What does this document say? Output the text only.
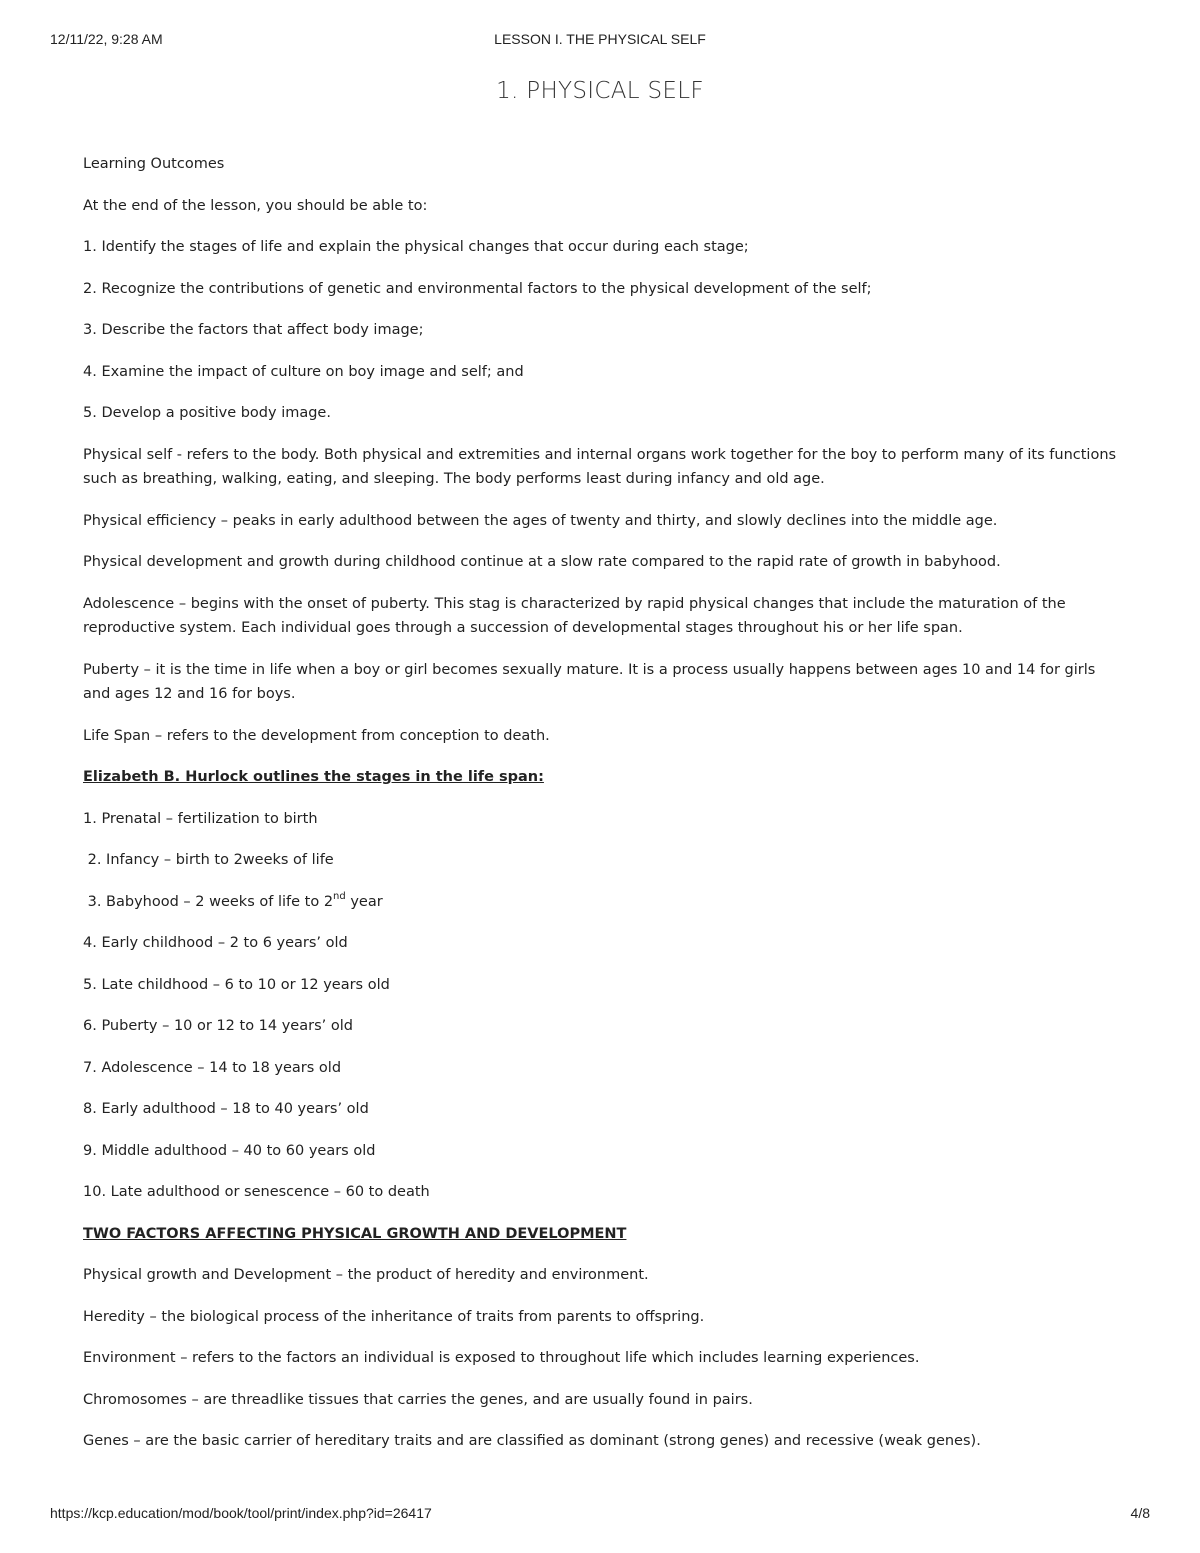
12/11/22, 9:28 AM	LESSON I. THE PHYSICAL SELF
1. PHYSICAL SELF

Learning Outcomes

At the end of the lesson, you should be able to:

1. Identify the stages of life and explain the physical changes that occur during each stage;

2. Recognize the contributions of genetic and environmental factors to the physical development of the self;

3. Describe the factors that affect body image;

4. Examine the impact of culture on boy image and self; and

5. Develop a positive body image.

Physical self - refers to the body. Both physical and extremities and internal organs work together for the boy to perform many of its functions such as breathing, walking, eating, and sleeping. The body performs least during infancy and old age.

Physical efficiency – peaks in early adulthood between the ages of twenty and thirty, and slowly declines into the middle age.

Physical development and growth during childhood continue at a slow rate compared to the rapid rate of growth in babyhood.

Adolescence – begins with the onset of puberty. This stag is characterized by rapid physical changes that include the maturation of the reproductive system. Each individual goes through a succession of developmental stages throughout his or her life span.

Puberty – it is the time in life when a boy or girl becomes sexually mature. It is a process usually happens between ages 10 and 14 for girls and ages 12 and 16 for boys.

Life Span – refers to the development from conception to death.

Elizabeth B. Hurlock outlines the stages in the life span:

1. Prenatal – fertilization to birth

2. Infancy – birth to 2weeks of life

3. Babyhood – 2 weeks of life to 2nd year

4. Early childhood – 2 to 6 years’ old

5. Late childhood – 6 to 10 or 12 years old

6. Puberty – 10 or 12 to 14 years’ old

7. Adolescence – 14 to 18 years old

8. Early adulthood – 18 to 40 years’ old

9. Middle adulthood – 40 to 60 years old

10. Late adulthood or senescence – 60 to death

TWO FACTORS AFFECTING PHYSICAL GROWTH AND DEVELOPMENT

Physical growth and Development – the product of heredity and environment.

Heredity – the biological process of the inheritance of traits from parents to offspring.

Environment – refers to the factors an individual is exposed to throughout life which includes learning experiences.

Chromosomes – are threadlike tissues that carries the genes, and are usually found in pairs.

Genes – are the basic carrier of hereditary traits and are classified as dominant (strong genes) and recessive (weak genes).

https://kcp.education/mod/book/tool/print/index.php?id=26417	4/8
